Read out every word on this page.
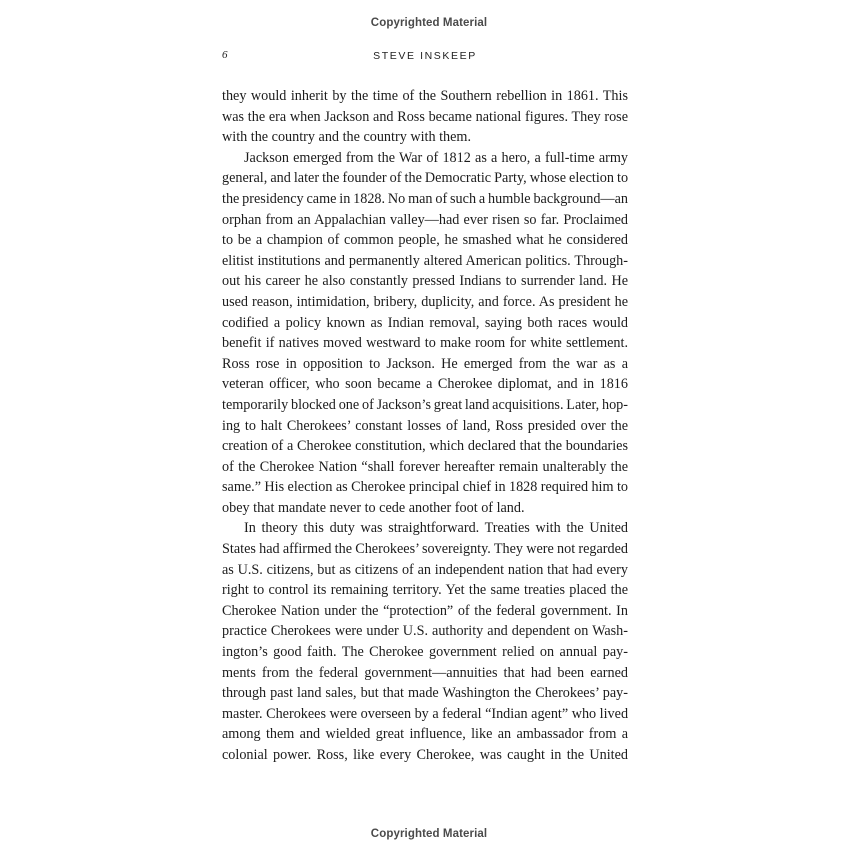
Copyrighted Material
6	STEVE INSKEEP

they would inherit by the time of the Southern rebellion in 1861. This
was the era when Jackson and Ross became national figures. They rose
with the country and the country with them.

Jackson emerged from the War of 1812 as a hero, a full-time army
general, and later the founder of the Democratic Party, whose election to
the presidency came in 1828. No man of such a humble background—an
orphan from an Appalachian valley—had ever risen so far. Proclaimed
to be a champion of common people, he smashed what he considered
elitist institutions and permanently altered American politics. Through-
out his career he also constantly pressed Indians to surrender land. He
used reason, intimidation, bribery, duplicity, and force. As president he
codified a policy known as Indian removal, saying both races would
benefit if natives moved westward to make room for white settlement.
Ross rose in opposition to Jackson. He emerged from the war as a
veteran officer, who soon became a Cherokee diplomat, and in 1816
temporarily blocked one of Jackson’s great land acquisitions. Later, hop-
ing to halt Cherokees’ constant losses of land, Ross presided over the
creation of a Cherokee constitution, which declared that the boundaries
of the Cherokee Nation “shall forever hereafter remain unalterably the
same.” His election as Cherokee principal chief in 1828 required him to
obey that mandate never to cede another foot of land.

In theory this duty was straightforward. Treaties with the United
States had affirmed the Cherokees’ sovereignty. They were not regarded
as U.S. citizens, but as citizens of an independent nation that had every
right to control its remaining territory. Yet the same treaties placed the
Cherokee Nation under the “protection” of the federal government. In
practice Cherokees were under U.S. authority and dependent on Wash-
ington’s good faith. The Cherokee government relied on annual pay-
ments from the federal government—annuities that had been earned
through past land sales, but that made Washington the Cherokees’ pay-
master. Cherokees were overseen by a federal “Indian agent” who lived
among them and wielded great influence, like an ambassador from a
colonial power. Ross, like every Cherokee, was caught in the United

Copyrighted Material
